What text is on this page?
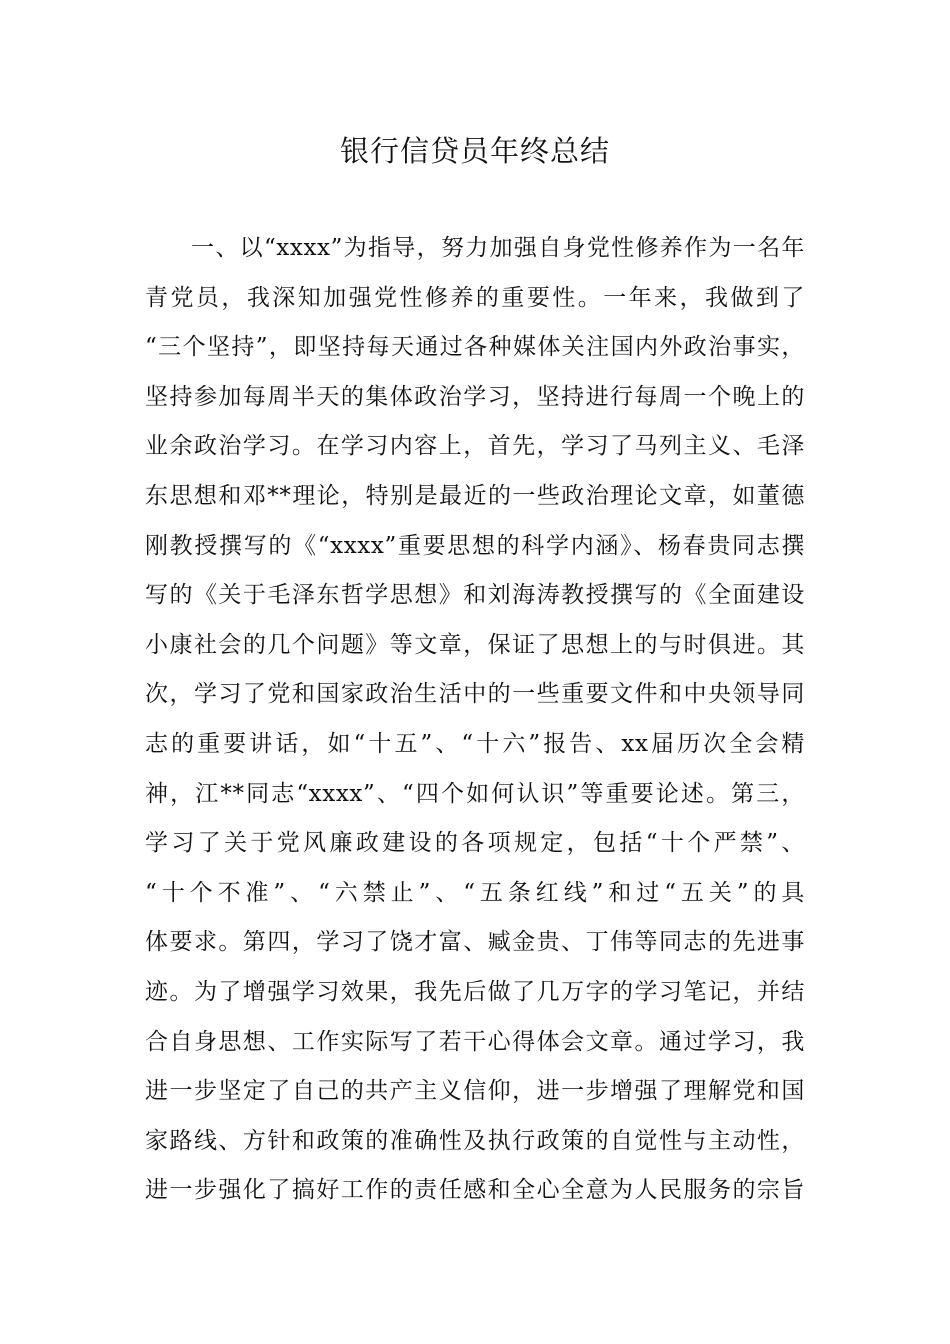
银行信贷员年终总结
一、以“xxxx”为指导，努力加强自身党性修养作为一名年
青党员，我深知加强党性修养的重要性。一年来，我做到了
“三个坚持”，即坚持每天通过各种媒体关注国内外政治事实，
坚持参加每周半天的集体政治学习，坚持进行每周一个晚上的
业余政治学习。在学习内容上，首先，学习了马列主义、毛泽
东思想和邓**理论，特别是最近的一些政治理论文章，如董德
刚教授撰写的《“xxxx”重要思想的科学内涵》、杨春贵同志撰
写的《关于毛泽东哲学思想》和刘海涛教授撰写的《全面建设
小康社会的几个问题》等文章，保证了思想上的与时俱进。其
次，学习了党和国家政治生活中的一些重要文件和中央领导同
志的重要讲话，如“十五”、“十六”报告、xx届历次全会精
神，江**同志“xxxx”、“四个如何认识”等重要论述。第三，
学习了关于党风廉政建设的各项规定，包括“十个严禁”、
“十个不准”、“六禁止”、“五条红线”和过“五关”的具
体要求。第四，学习了饶才富、臧金贵、丁伟等同志的先进事
迹。为了增强学习效果，我先后做了几万字的学习笔记，并结
合自身思想、工作实际写了若干心得体会文章。通过学习，我
进一步坚定了自己的共产主义信仰，进一步增强了理解党和国
家路线、方针和政策的准确性及执行政策的自觉性与主动性，
进一步强化了搞好工作的责任感和全心全意为人民服务的宗旨
